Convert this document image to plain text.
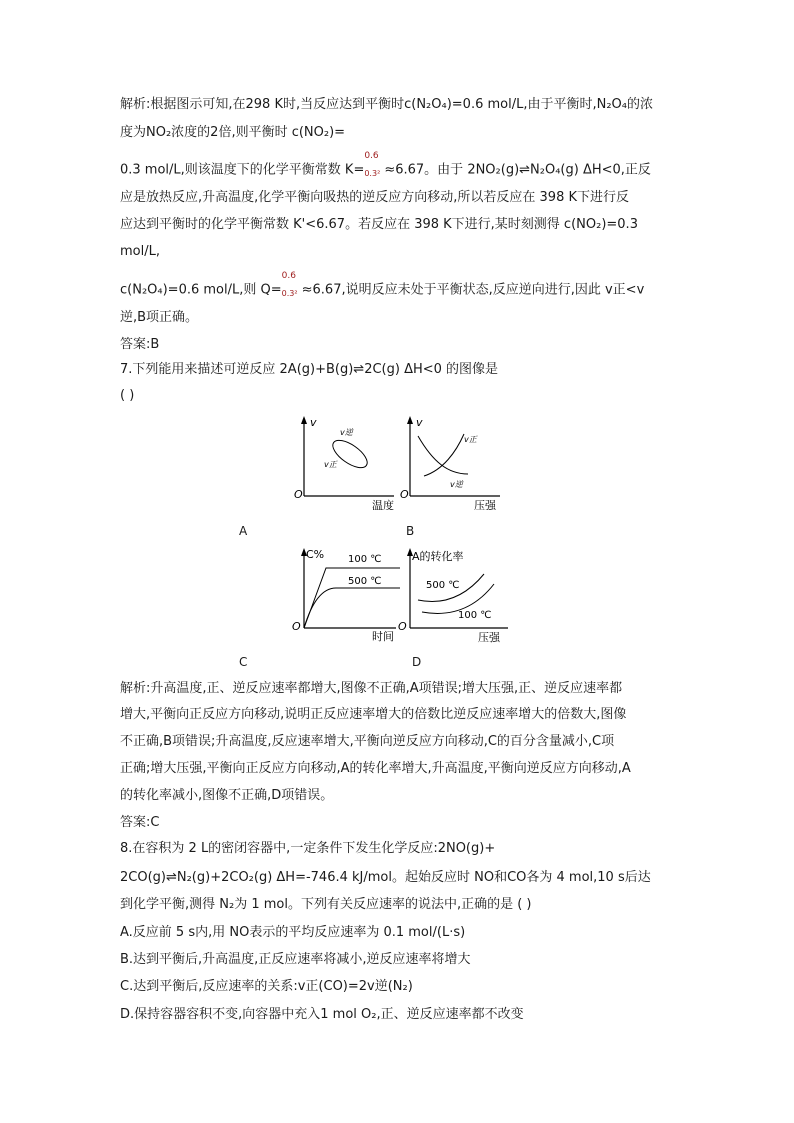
解析:根据图示可知,在298 K时,当反应达到平衡时c(N₂O₄)=0.6 mol/L,由于平衡时,N₂O₄的浓
度为NO₂浓度的2倍,则平衡时 c(NO₂)=
0.3 mol/L,则该温度下的化学平衡常数 K=
0.6
0.3² ≈6.67。由于 2NO₂(g)⇌N₂O₄(g) ΔH<0,正反
应是放热反应,升高温度,化学平衡向吸热的逆反应方向移动,所以若反应在 398 K下进行反
应达到平衡时的化学平衡常数 K'<6.67。若反应在 398 K下进行,某时刻测得 c(NO₂)=0.3
mol/L,
c(N₂O₄)=0.6 mol/L,则 Q=
0.6
0.3² ≈6.67,说明反应未处于平衡状态,反应逆向进行,因此 v正<v
逆,B项正确。
答案:B
7.下列能用来描述可逆反应 2A(g)+B(g)⇌2C(g) ΔH<0 的图像是
( )
v
O
v逆
v正
温度
A
v
O
v正
v逆
压强
B
C%
O
100 ℃
500 ℃
时间
C
A的转化率
O
500 ℃
100 ℃
压强
D
解析:升高温度,正、逆反应速率都增大,图像不正确,A项错误;增大压强,正、逆反应速率都
增大,平衡向正反应方向移动,说明正反应速率增大的倍数比逆反应速率增大的倍数大,图像
不正确,B项错误;升高温度,反应速率增大,平衡向逆反应方向移动,C的百分含量减小,C项
正确;增大压强,平衡向正反应方向移动,A的转化率增大,升高温度,平衡向逆反应方向移动,A
的转化率减小,图像不正确,D项错误。
答案:C
8.在容积为 2 L的密闭容器中,一定条件下发生化学反应:2NO(g)+
2CO(g)⇌N₂(g)+2CO₂(g) ΔH=-746.4 kJ/mol。起始反应时 NO和CO各为 4 mol,10 s后达
到化学平衡,测得 N₂为 1 mol。下列有关反应速率的说法中,正确的是 ( )
A.反应前 5 s内,用 NO表示的平均反应速率为 0.1 mol/(L·s)
B.达到平衡后,升高温度,正反应速率将减小,逆反应速率将增大
C.达到平衡后,反应速率的关系:v正(CO)=2v逆(N₂)
D.保持容器容积不变,向容器中充入1 mol O₂,正、逆反应速率都不改变
